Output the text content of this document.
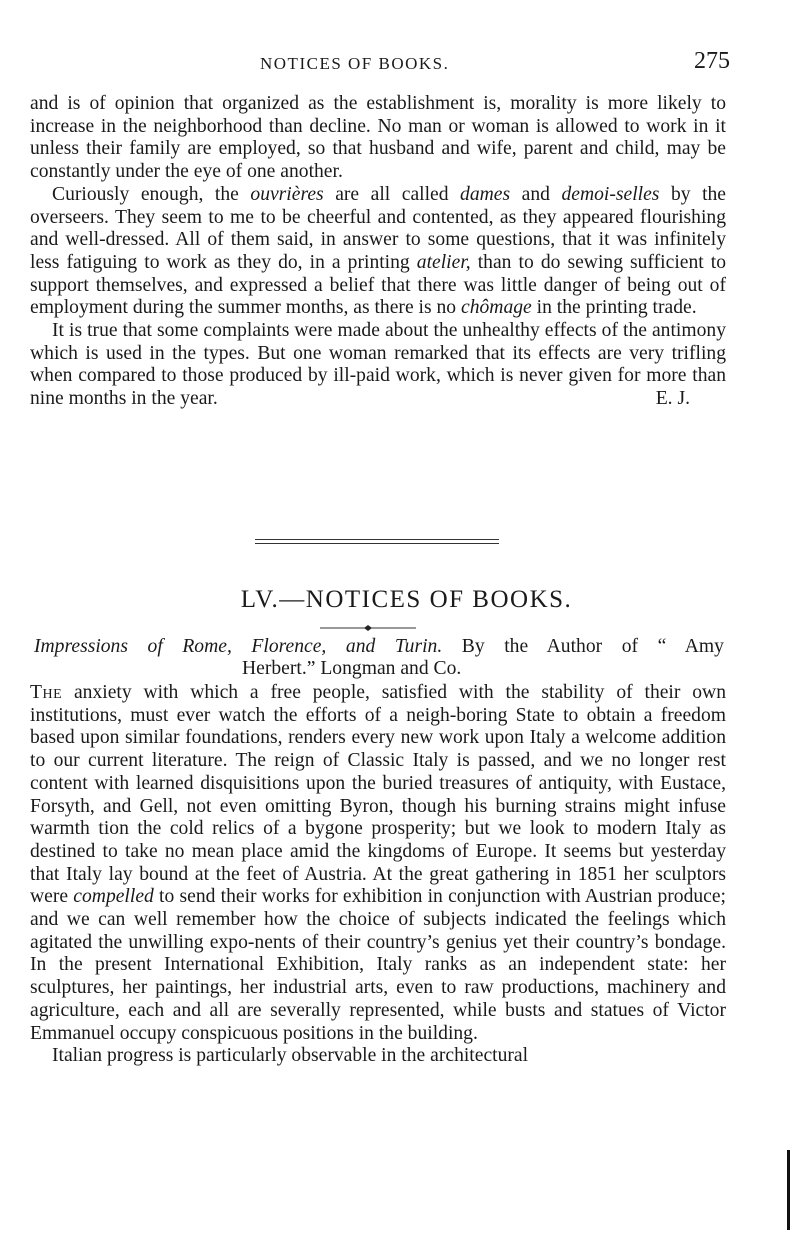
NOTICES OF BOOKS.	275

and is of opinion that organized as the establishment is, morality is more likely to increase in the neighborhood than decline. No man or woman is allowed to work in it unless their family are employed, so that husband and wife, parent and child, may be constantly under the eye of one another.

Curiously enough, the ouvrières are all called dames and demoi-selles by the overseers. They seem to me to be cheerful and contented, as they appeared flourishing and well-dressed. All of them said, in answer to some questions, that it was infinitely less fatiguing to work as they do, in a printing atelier, than to do sewing sufficient to support themselves, and expressed a belief that there was little danger of being out of employment during the summer months, as there is no chômage in the printing trade.

It is true that some complaints were made about the unhealthy effects of the antimony which is used in the types. But one woman remarked that its effects are very trifling when compared to those produced by ill-paid work, which is never given for more than nine months in the year.	E. J.
LV.—NOTICES OF BOOKS.
Impressions of Rome, Florence, and Turin. By the Author of “ Amy
Herbert.” Longman and Co.

The anxiety with which a free people, satisfied with the stability of their own institutions, must ever watch the efforts of a neigh-boring State to obtain a freedom based upon similar foundations, renders every new work upon Italy a welcome addition to our current literature. The reign of Classic Italy is passed, and we no longer rest content with learned disquisitions upon the buried treasures of antiquity, with Eustace, Forsyth, and Gell, not even omitting Byron, though his burning strains might infuse warmth tion the cold relics of a bygone prosperity; but we look to modern Italy as destined to take no mean place amid the kingdoms of Europe. It seems but yesterday that Italy lay bound at the feet of Austria. At the great gathering in 1851 her sculptors were compelled to send their works for exhibition in conjunction with Austrian produce; and we can well remember how the choice of subjects indicated the feelings which agitated the unwilling expo-nents of their country’s genius yet their country’s bondage. In the present International Exhibition, Italy ranks as an independent state: her sculptures, her paintings, her industrial arts, even to raw productions, machinery and agriculture, each and all are severally represented, while busts and statues of Victor Emmanuel occupy conspicuous positions in the building.

Italian progress is particularly observable in the architectural
